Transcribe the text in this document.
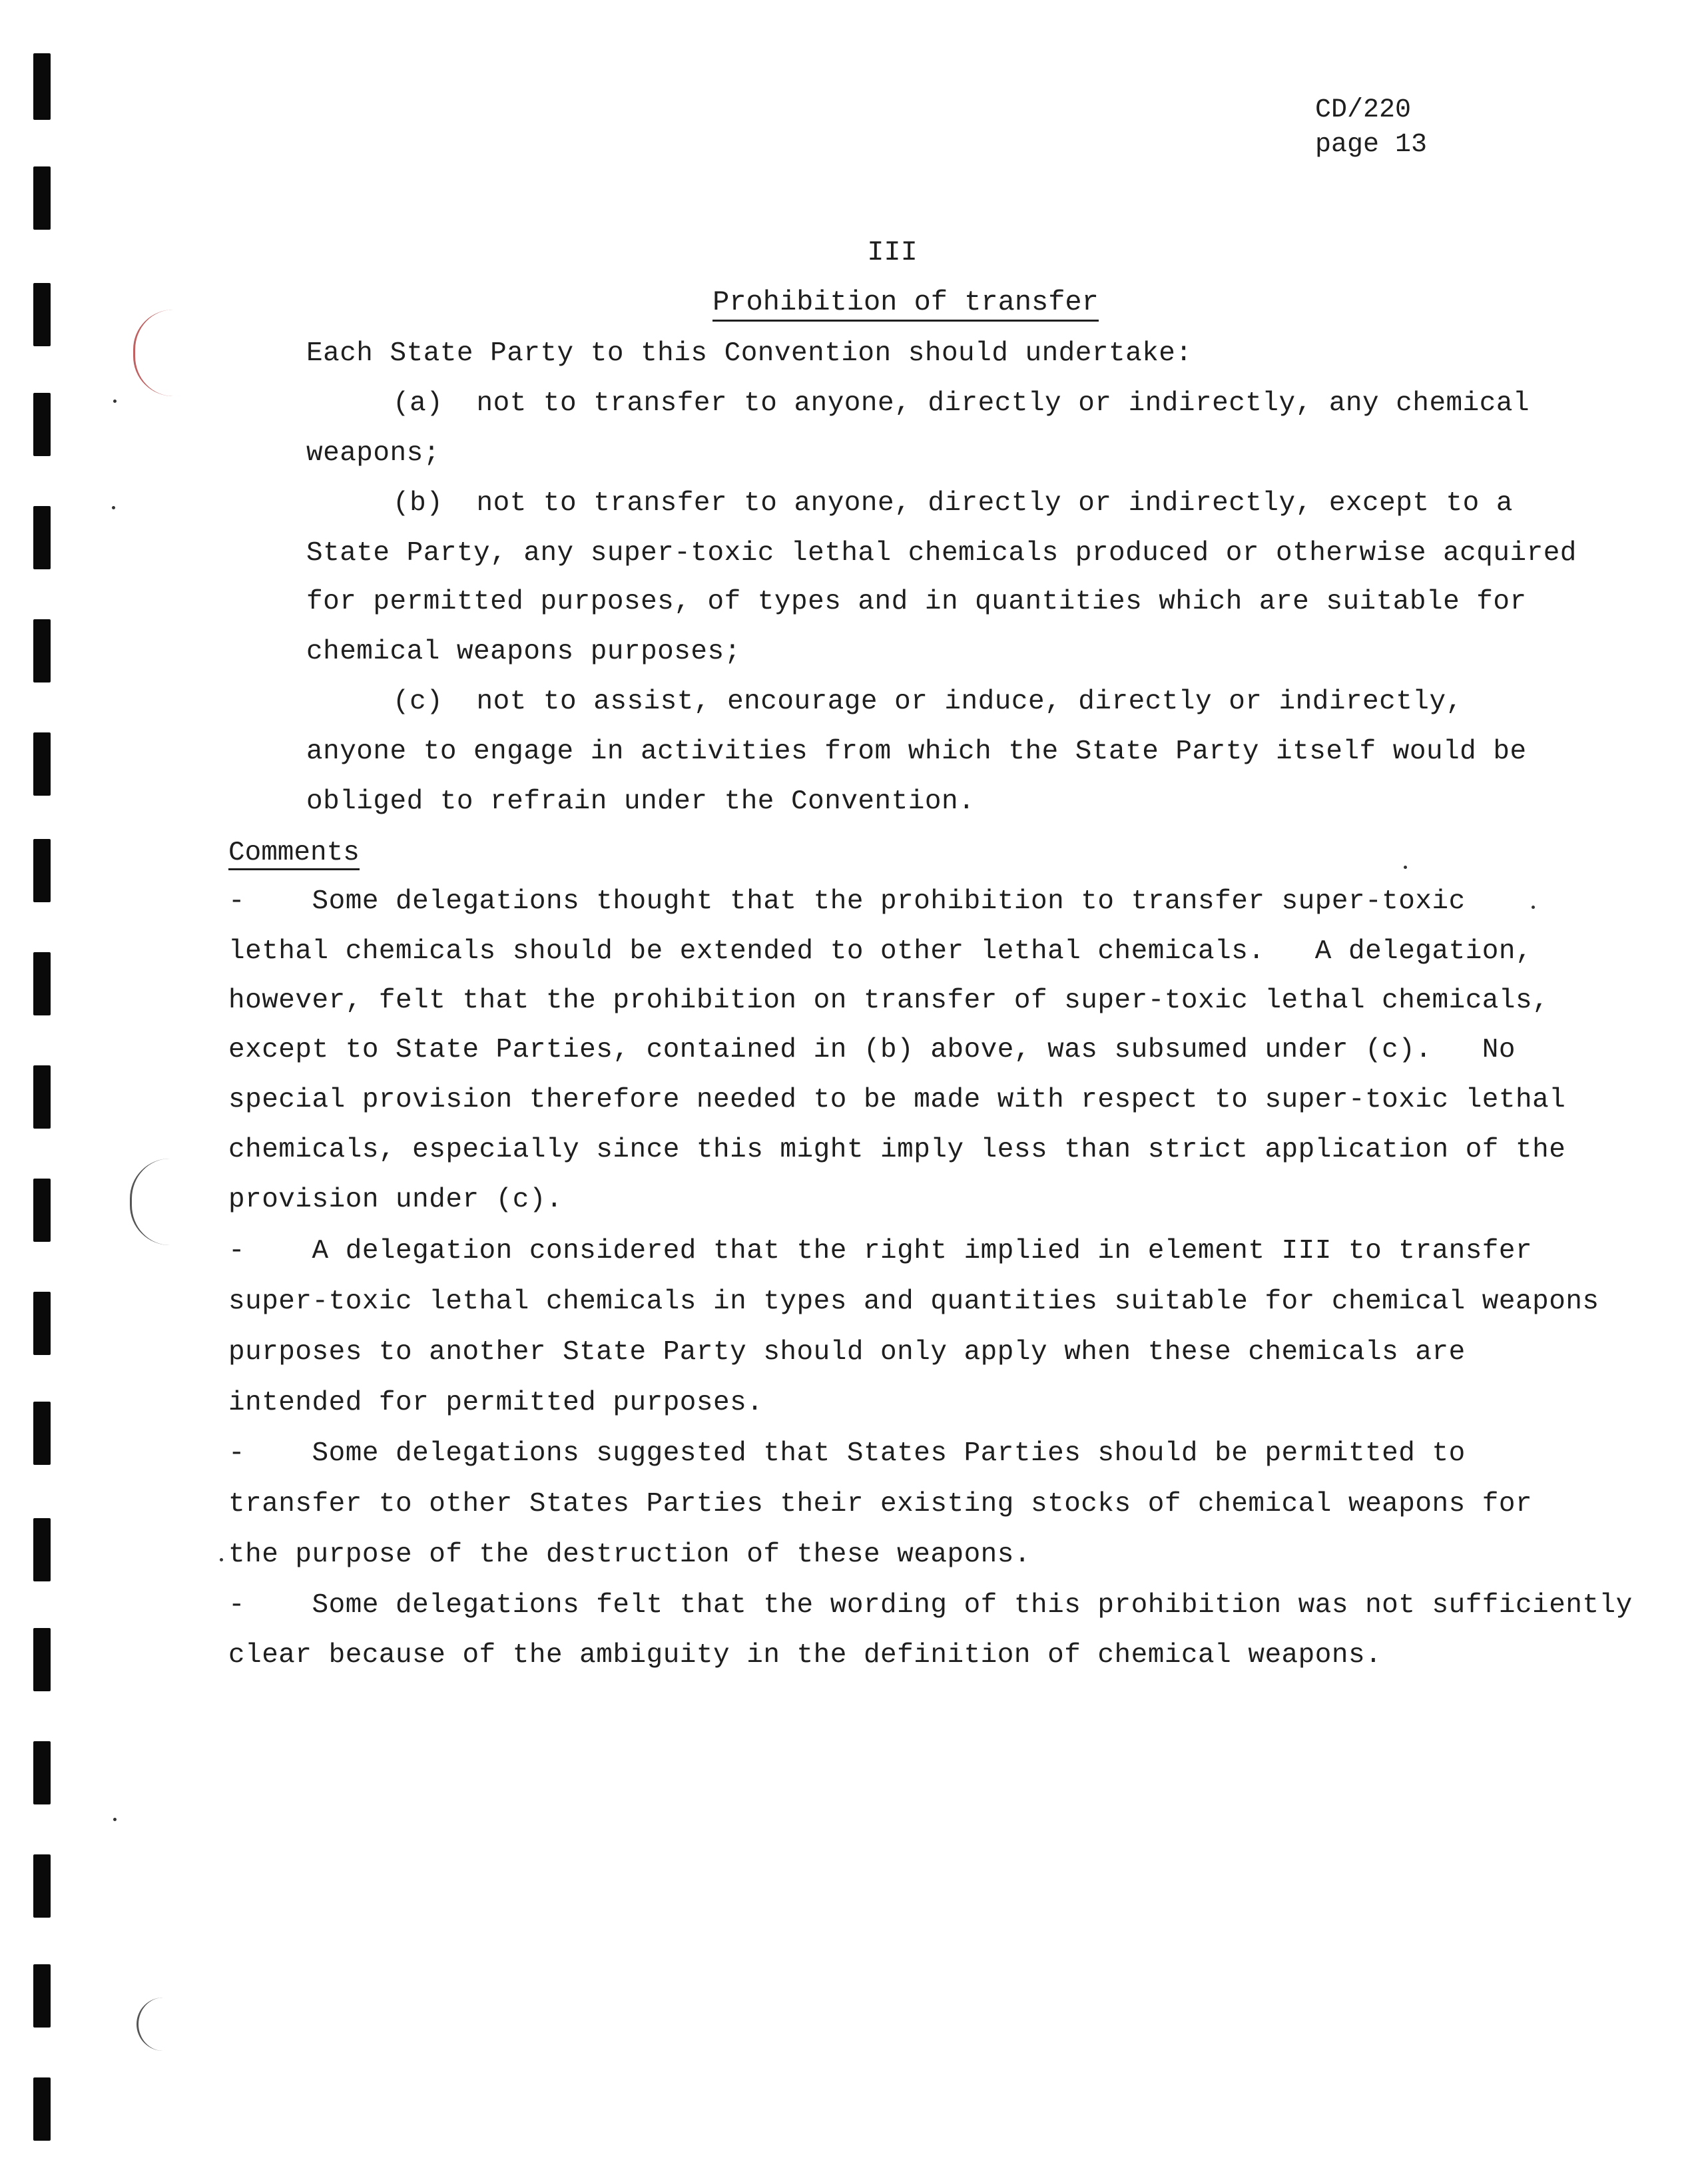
CD/220
page 13
III
Prohibition of transfer
Each State Party to this Convention should undertake:
(a)  not to transfer to anyone, directly or indirectly, any chemical
weapons;
(b)  not to transfer to anyone, directly or indirectly, except to a
State Party, any super-toxic lethal chemicals produced or otherwise acquired
for permitted purposes, of types and in quantities which are suitable for
chemical weapons purposes;
(c)  not to assist, encourage or induce, directly or indirectly,
anyone to engage in activities from which the State Party itself would be
obliged to refrain under the Convention.
Comments
-    Some delegations thought that the prohibition to transfer super-toxic
lethal chemicals should be extended to other lethal chemicals.   A delegation,
however, felt that the prohibition on transfer of super-toxic lethal chemicals,
except to State Parties, contained in (b) above, was subsumed under (c).   No
special provision therefore needed to be made with respect to super-toxic lethal
chemicals, especially since this might imply less than strict application of the
provision under (c).
-    A delegation considered that the right implied in element III to transfer
super-toxic lethal chemicals in types and quantities suitable for chemical weapons
purposes to another State Party should only apply when these chemicals are
intended for permitted purposes.
-    Some delegations suggested that States Parties should be permitted to
transfer to other States Parties their existing stocks of chemical weapons for
the purpose of the destruction of these weapons.
-    Some delegations felt that the wording of this prohibition was not sufficiently
clear because of the ambiguity in the definition of chemical weapons.
